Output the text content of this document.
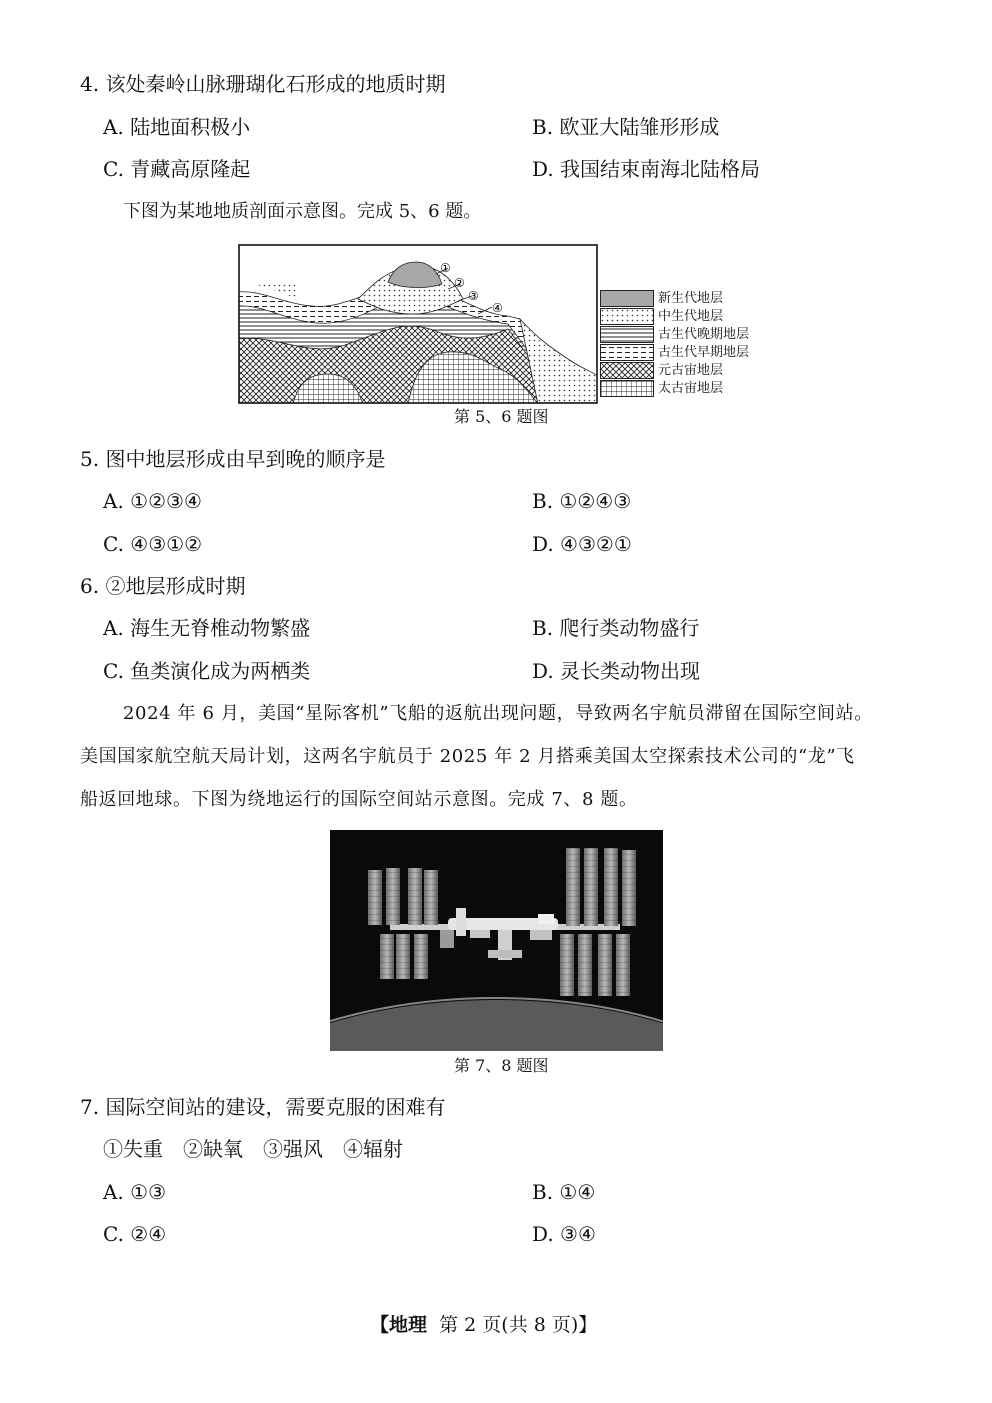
4. 该处秦岭山脉珊瑚化石形成的地质时期
A. 陆地面积极小	B. 欧亚大陆雏形形成
C. 青藏高原隆起	D. 我国结束南海北陆格局
下图为某地地质剖面示意图。完成 5、6 题。
①
②
③
④
新生代地层
中生代地层
古生代晚期地层
古生代早期地层
元古宙地层
太古宙地层
第 5、6 题图
5. 图中地层形成由早到晚的顺序是
A. ①②③④	B. ①②④③
C. ④③①②	D. ④③②①
6. ②地层形成时期
A. 海生无脊椎动物繁盛	B. 爬行类动物盛行
C. 鱼类演化成为两栖类	D. 灵长类动物出现
2024 年 6 月，美国“星际客机”飞船的返航出现问题，导致两名宇航员滞留在国际空间站。
美国国家航空航天局计划，这两名宇航员于 2025 年 2 月搭乘美国太空探索技术公司的“龙”飞
船返回地球。下图为绕地运行的国际空间站示意图。完成 7、8 题。
第 7、8 题图
7. 国际空间站的建设，需要克服的困难有
①失重　②缺氧　③强风　④辐射
A. ①③	B. ①④
C. ②④	D. ③④
【地理 第 2 页(共 8 页)】
